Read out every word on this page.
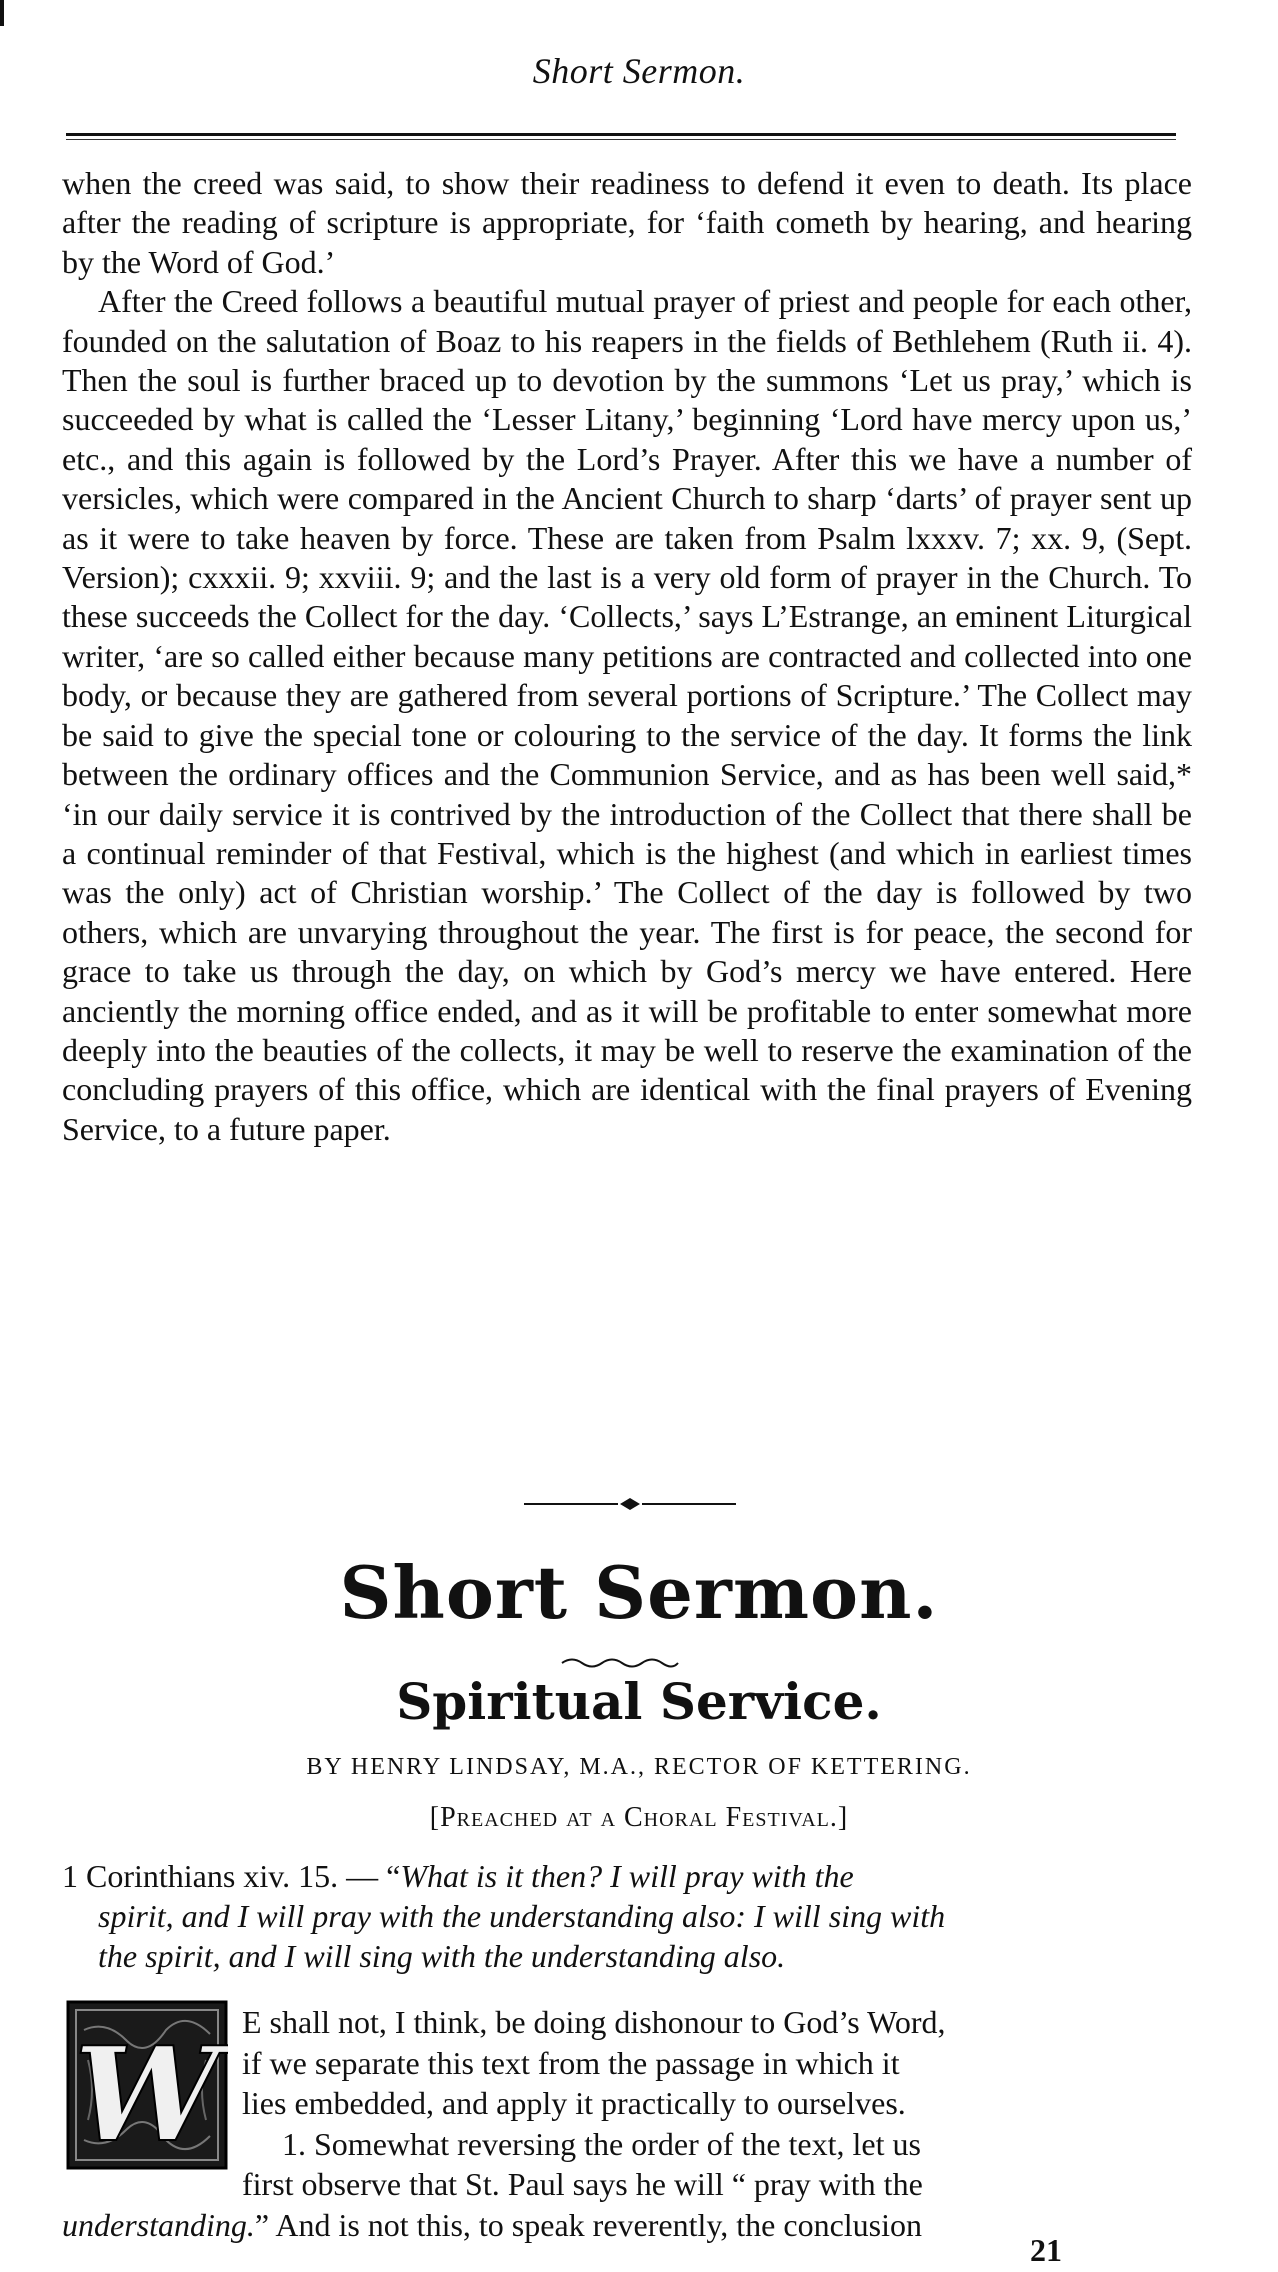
Short Sermon.

when the creed was said, to show their readiness to defend it even to death. Its place after the reading of scripture is appropriate, for ‘faith cometh by hearing, and hearing by the Word of God.’

After the Creed follows a beautiful mutual prayer of priest and people for each other, founded on the salutation of Boaz to his reapers in the fields of Bethlehem (Ruth ii. 4). Then the soul is further braced up to devotion by the summons ‘Let us pray,’ which is succeeded by what is called the ‘Lesser Litany,’ beginning ‘Lord have mercy upon us,’ etc., and this again is followed by the Lord’s Prayer. After this we have a number of versicles, which were compared in the Ancient Church to sharp ‘darts’ of prayer sent up as it were to take heaven by force. These are taken from Psalm lxxxv. 7; xx. 9, (Sept. Version); cxxxii. 9; xxviii. 9; and the last is a very old form of prayer in the Church. To these succeeds the Collect for the day. ‘Collects,’ says L’Estrange, an eminent Liturgical writer, ‘are so called either because many petitions are contracted and collected into one body, or because they are gathered from several portions of Scripture.’ The Collect may be said to give the special tone or colouring to the service of the day. It forms the link between the ordinary offices and the Communion Service, and as has been well said,* ‘in our daily service it is contrived by the introduction of the Collect that there shall be a continual reminder of that Festival, which is the highest (and which in earliest times was the only) act of Christian worship.’ The Collect of the day is followed by two others, which are unvarying throughout the year. The first is for peace, the second for grace to take us through the day, on which by God’s mercy we have entered. Here anciently the morning office ended, and as it will be profitable to enter somewhat more deeply into the beauties of the collects, it may be well to reserve the examination of the concluding prayers of this office, which are identical with the final prayers of Evening Service, to a future paper.

Short Sermon.
Spiritual Service.
BY HENRY LINDSAY, M.A., RECTOR OF KETTERING.
[Preached at a Choral Festival.]
1 Corinthians xiv. 15. — “What is it then? I will pray with the
spirit, and I will pray with the understanding also: I will sing with
the spirit, and I will sing with the understanding also.
W E shall not, I think, be doing dishonour to God’s Word,
if we separate this text from the passage in which it
lies embedded, and apply it practically to ourselves.
1. Somewhat reversing the order of the text, let us
first observe that St. Paul says he will “ pray with the
understanding.” And is not this, to speak reverently, the conclusion
21
